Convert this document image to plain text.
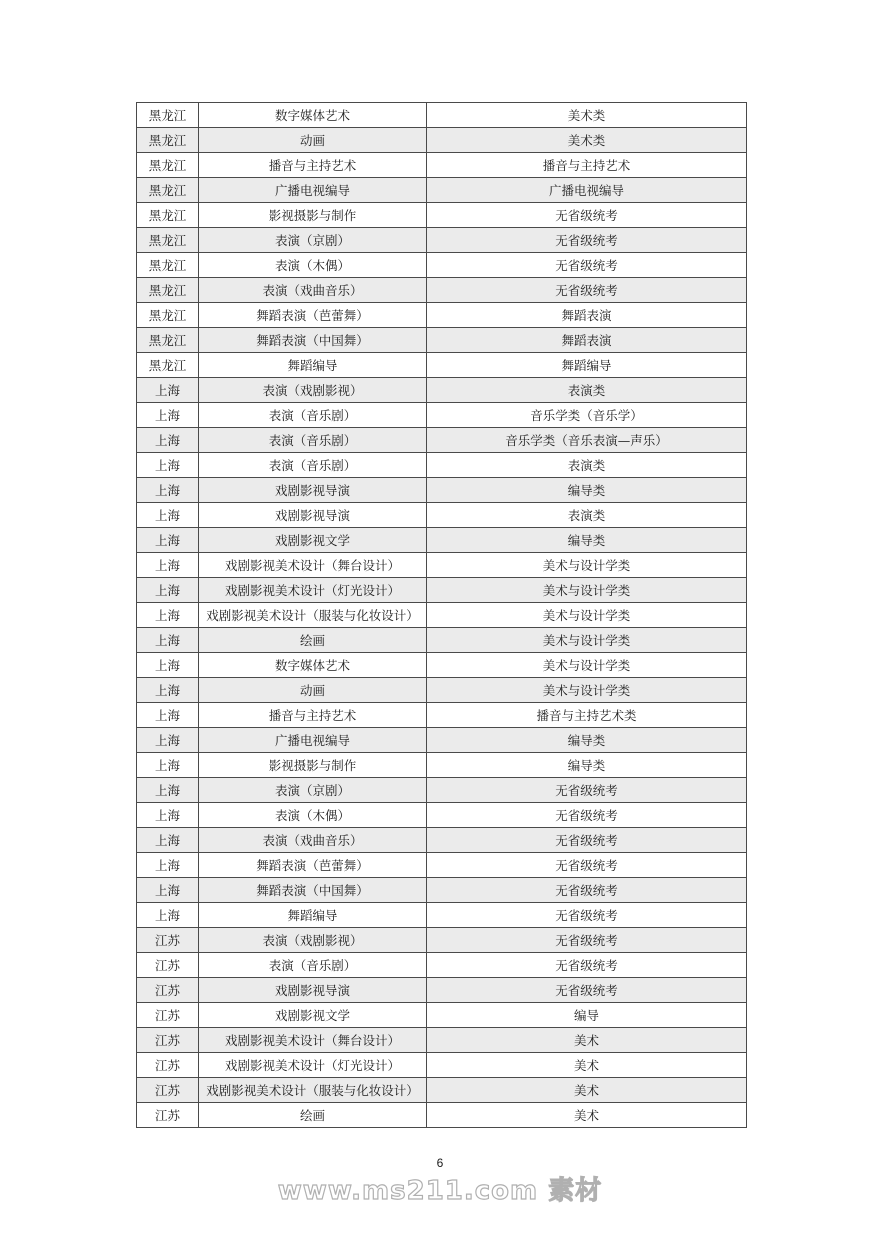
黑龙江	数字媒体艺术	美术类
黑龙江	动画	美术类
黑龙江	播音与主持艺术	播音与主持艺术
黑龙江	广播电视编导	广播电视编导
黑龙江	影视摄影与制作	无省级统考
黑龙江	表演（京剧）	无省级统考
黑龙江	表演（木偶）	无省级统考
黑龙江	表演（戏曲音乐）	无省级统考
黑龙江	舞蹈表演（芭蕾舞）	舞蹈表演
黑龙江	舞蹈表演（中国舞）	舞蹈表演
黑龙江	舞蹈编导	舞蹈编导
上海	表演（戏剧影视）	表演类
上海	表演（音乐剧）	音乐学类（音乐学）
上海	表演（音乐剧）	音乐学类（音乐表演—声乐）
上海	表演（音乐剧）	表演类
上海	戏剧影视导演	编导类
上海	戏剧影视导演	表演类
上海	戏剧影视文学	编导类
上海	戏剧影视美术设计（舞台设计）	美术与设计学类
上海	戏剧影视美术设计（灯光设计）	美术与设计学类
上海	戏剧影视美术设计（服装与化妆设计）	美术与设计学类
上海	绘画	美术与设计学类
上海	数字媒体艺术	美术与设计学类
上海	动画	美术与设计学类
上海	播音与主持艺术	播音与主持艺术类
上海	广播电视编导	编导类
上海	影视摄影与制作	编导类
上海	表演（京剧）	无省级统考
上海	表演（木偶）	无省级统考
上海	表演（戏曲音乐）	无省级统考
上海	舞蹈表演（芭蕾舞）	无省级统考
上海	舞蹈表演（中国舞）	无省级统考
上海	舞蹈编导	无省级统考
江苏	表演（戏剧影视）	无省级统考
江苏	表演（音乐剧）	无省级统考
江苏	戏剧影视导演	无省级统考
江苏	戏剧影视文学	编导
江苏	戏剧影视美术设计（舞台设计）	美术
江苏	戏剧影视美术设计（灯光设计）	美术
江苏	戏剧影视美术设计（服装与化妆设计）	美术
江苏	绘画	美术
6
www.ms211.com 素材
